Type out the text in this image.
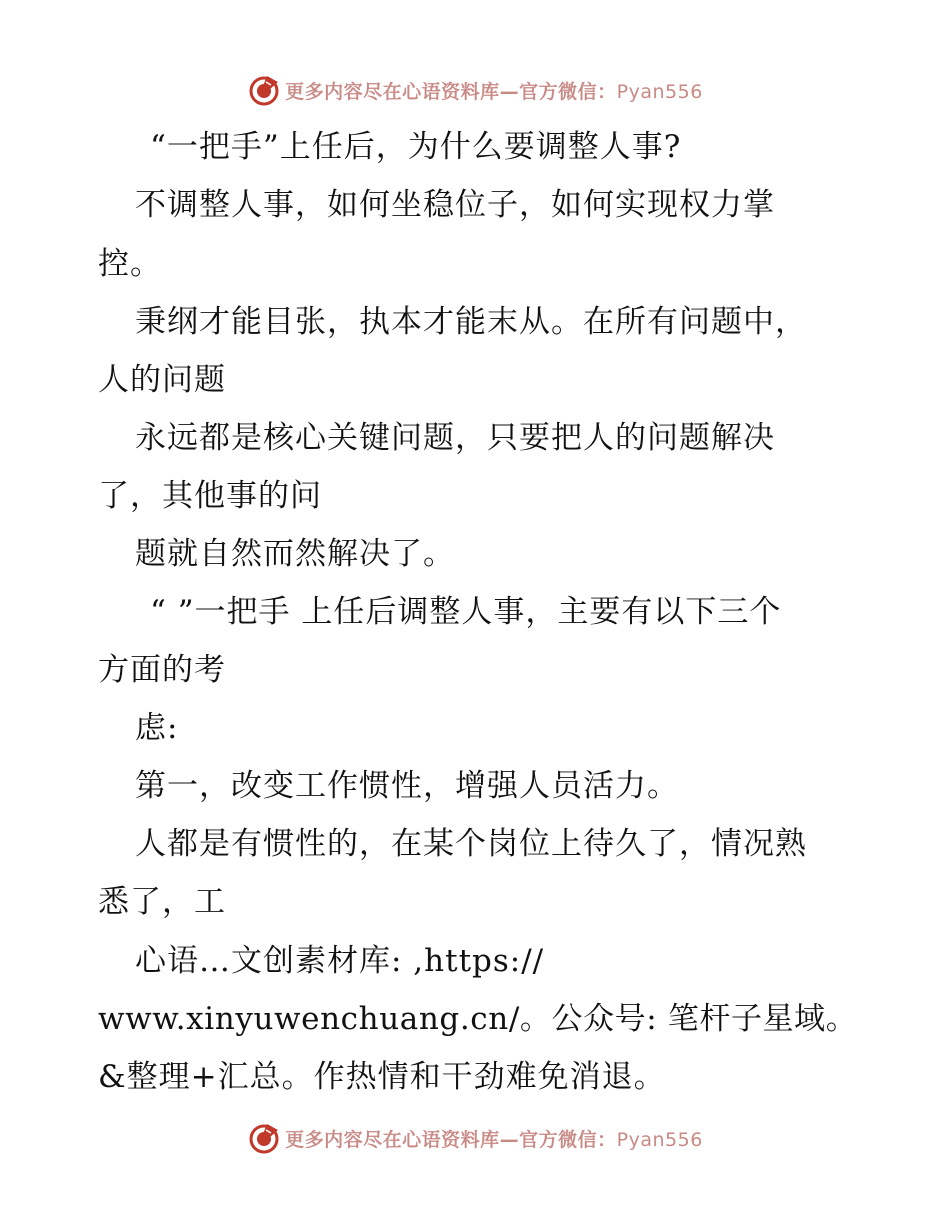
更多内容尽在心语资料库—官方微信：Pyan556
“一把手”上任后，为什么要调整人事?
不调整人事，如何坐稳位子，如何实现权力掌
控。
秉纲才能目张，执本才能末从。在所有问题中，
人的问题
永远都是核心关键问题，只要把人的问题解决
了，其他事的问
题就自然而然解决了。
“ ”一把手 上任后调整人事，主要有以下三个
方面的考
虑:
第一，改变工作惯性，增强人员活力。
人都是有惯性的，在某个岗位上待久了，情况熟
悉了，工
心语…文创素材库: ,https://
www.xinyuwenchuang.cn/。公众号: 笔杆子星域。
&整理+汇总。作热情和干劲难免消退。
更多内容尽在心语资料库—官方微信：Pyan556
